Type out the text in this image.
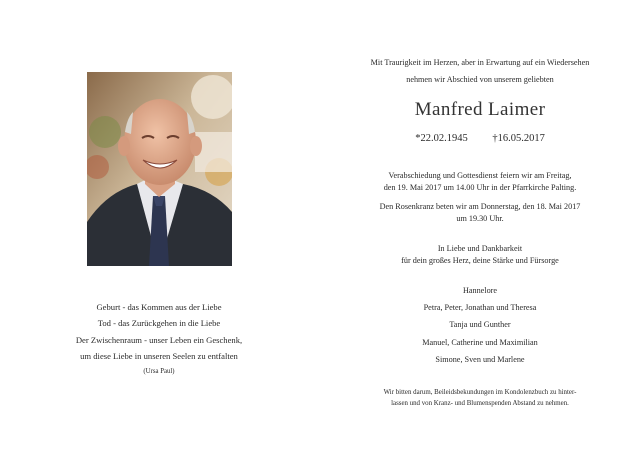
Geburt - das Kommen aus der Liebe
Tod - das Zurückgehen in die Liebe
Der Zwischenraum - unser Leben ein Geschenk,
um diese Liebe in unseren Seelen zu entfalten
(Ursa Paul)
Mit Traurigkeit im Herzen, aber in Erwartung auf ein Wiedersehen
nehmen wir Abschied von unserem geliebten
Manfred Laimer
*22.02.1945 †16.05.2017
Verabschiedung und Gottesdienst feiern wir am Freitag,
den 19. Mai 2017 um 14.00 Uhr in der Pfarrkirche Palting.
Den Rosenkranz beten wir am Donnerstag, den 18. Mai 2017
um 19.30 Uhr.
In Liebe und Dankbarkeit
für dein großes Herz, deine Stärke und Fürsorge
Hannelore
Petra, Peter, Jonathan und Theresa
Tanja und Gunther
Manuel, Catherine und Maximilian
Simone, Sven und Marlene
Wir bitten darum, Beileidsbekundungen im Kondolenzbuch zu hinter-
lassen und von Kranz- und Blumenspenden Abstand zu nehmen.
